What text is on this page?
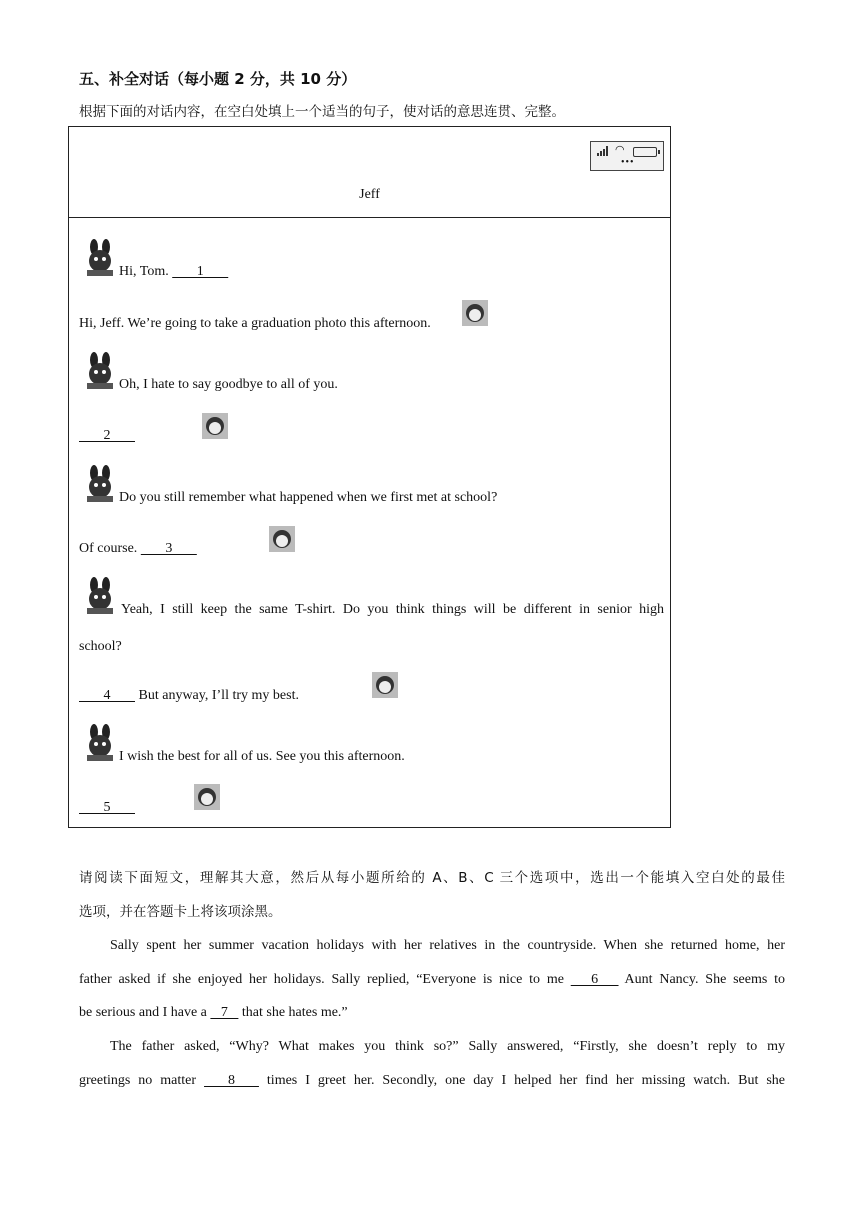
五、补全对话（每小题 2 分，共 10 分）
根据下面的对话内容，在空白处填上一个适当的句子，使对话的意思连贯、完整。
◠
•••
Jeff
Hi, Tom.        1
Hi, Jeff. We’re going to take a graduation photo this afternoon.
Oh, I hate to say goodbye to all of you.
2
Do you still remember what happened when we first met at school?
Of course.        3
Yeah, I still keep the same T-shirt. Do you think things will be different in senior high
school?
4        But anyway, I’ll try my best.
I wish the best for all of us. See you this afternoon.
5
请阅读下面短文，理解其大意，然后从每小题所给的 A、B、C 三个选项中，选出一个能填入空白处的最佳
选项，并在答题卡上将该项涂黑。
Sally spent her summer vacation holidays with her relatives in the countryside. When she returned home, her
father asked if she enjoyed her holidays. Sally replied, “Everyone is nice to me    6    Aunt Nancy. She seems to
be serious and I have a    7    that she hates me.”
The father asked, “Why? What makes you think so?” Sally answered, “Firstly, she doesn’t reply to my
greetings no matter    8    times I greet her. Secondly, one day I helped her find her missing watch. But she
